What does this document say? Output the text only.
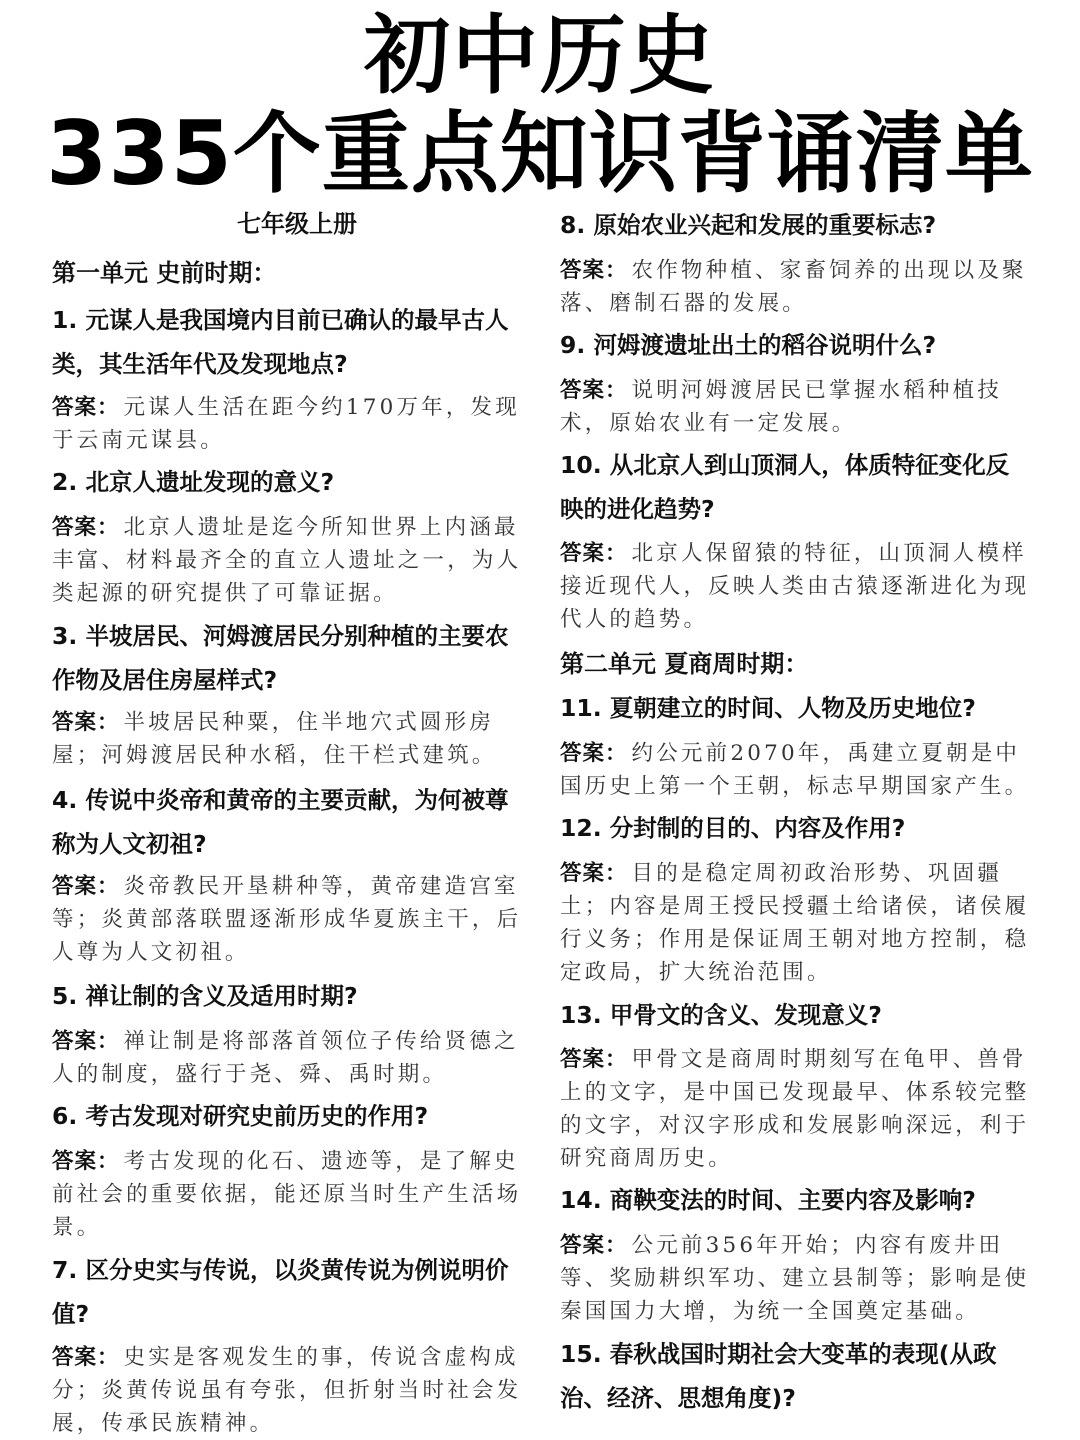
初中历史
335个重点知识背诵清单
七年级上册
第一单元 史前时期：
1. 元谋人是我国境内目前已确认的最早古人类，其生活年代及发现地点?
答案： 元谋人生活在距今约170万年，发现于云南元谋县。
2. 北京人遗址发现的意义?
答案： 北京人遗址是迄今所知世界上内涵最丰富、材料最齐全的直立人遗址之一，为人类起源的研究提供了可靠证据。
3. 半坡居民、河姆渡居民分别种植的主要农作物及居住房屋样式?
答案： 半坡居民种粟，住半地穴式圆形房屋；河姆渡居民种水稻，住干栏式建筑。
4. 传说中炎帝和黄帝的主要贡献，为何被尊称为人文初祖?
答案： 炎帝教民开垦耕种等，黄帝建造宫室等；炎黄部落联盟逐渐形成华夏族主干，后人尊为人文初祖。
5. 禅让制的含义及适用时期?
答案： 禅让制是将部落首领位子传给贤德之人的制度，盛行于尧、舜、禹时期。
6. 考古发现对研究史前历史的作用?
答案： 考古发现的化石、遗迹等，是了解史前社会的重要依据，能还原当时生产生活场景。
7. 区分史实与传说，以炎黄传说为例说明价值?
答案： 史实是客观发生的事，传说含虚构成分；炎黄传说虽有夸张，但折射当时社会发展，传承民族精神。
8. 原始农业兴起和发展的重要标志?
答案： 农作物种植、家畜饲养的出现以及聚落、磨制石器的发展。
9. 河姆渡遗址出土的稻谷说明什么?
答案： 说明河姆渡居民已掌握水稻种植技术，原始农业有一定发展。
10. 从北京人到山顶洞人，体质特征变化反映的进化趋势?
答案： 北京人保留猿的特征，山顶洞人模样接近现代人，反映人类由古猿逐渐进化为现代人的趋势。
第二单元 夏商周时期：
11. 夏朝建立的时间、人物及历史地位?
答案： 约公元前2070年，禹建立夏朝是中国历史上第一个王朝，标志早期国家产生。
12. 分封制的目的、内容及作用?
答案： 目的是稳定周初政治形势、巩固疆土；内容是周王授民授疆土给诸侯，诸侯履行义务；作用是保证周王朝对地方控制，稳定政局，扩大统治范围。
13. 甲骨文的含义、发现意义?
答案： 甲骨文是商周时期刻写在龟甲、兽骨上的文字，是中国已发现最早、体系较完整的文字，对汉字形成和发展影响深远，利于研究商周历史。
14. 商鞅变法的时间、主要内容及影响?
答案： 公元前356年开始；内容有废井田等、奖励耕织军功、建立县制等；影响是使秦国国力大增，为统一全国奠定基础。
15. 春秋战国时期社会大变革的表现(从政治、经济、思想角度)?
